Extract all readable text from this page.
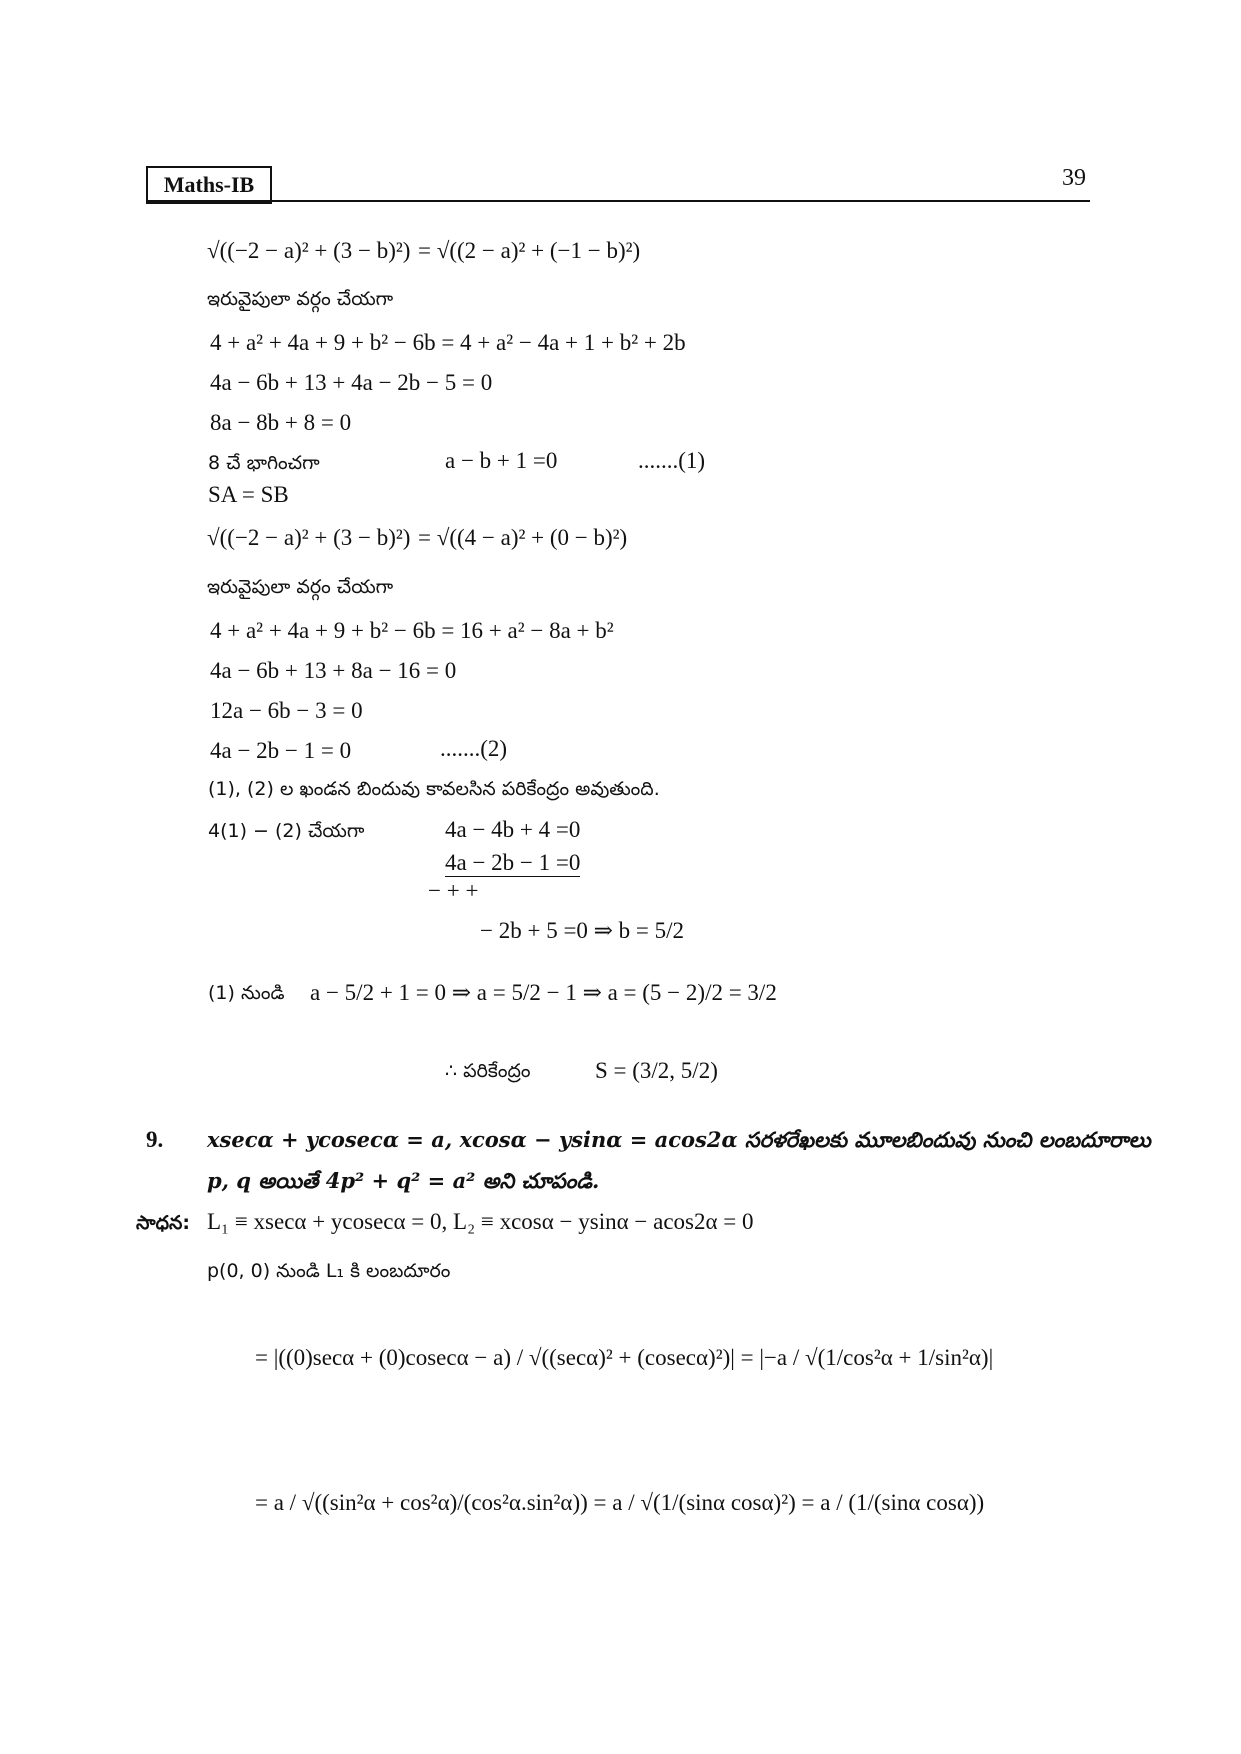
Maths-IB	39
√((−2 − a)² + (3 − b)²) = √((2 − a)² + (−1 − b)²)
ఇరువైపులా వర్గం చేయగా
4 + a² + 4a + 9 + b² − 6b = 4 + a² − 4a + 1 + b² + 2b
4a − 6b + 13 + 4a − 2b − 5 = 0
8a − 8b + 8 = 0
8 చే భాగించగా	a − b + 1 =0	.......(1)
SA = SB
√((−2 − a)² + (3 − b)²) = √((4 − a)² + (0 − b)²)
ఇరువైపులా వర్గం చేయగా
4 + a² + 4a + 9 + b² − 6b = 16 + a² − 8a + b²
4a − 6b + 13 + 8a − 16 = 0
12a − 6b − 3 = 0
4a − 2b − 1 = 0	.......(2)
(1), (2) ల ఖండన బిందువు కావలసిన పరికేంద్రం అవుతుంది.
4(1) − (2) చేయగా	4a − 4b + 4 =0
4a − 2b − 1 =0
− + +
− 2b + 5 =0 ⇒ b = 5/2
(1) నుండి a − 5/2 + 1 = 0 ⇒ a = 5/2 − 1 ⇒ a = (5 − 2)/2 = 3/2
∴ పరికేంద్రం	S = (3/2, 5/2)
9. xsecα + ycosecα = a, xcosα − ysinα = acos2α సరళరేఖలకు మూలబిందువు నుంచి లంబదూరాలు
p, q అయితే 4p² + q² = a² అని చూపండి.
సాధన: L₁ ≡ xsecα + ycosecα = 0, L₂ ≡ xcosα − ysinα − acos2α = 0
p(0, 0) నుండి L₁ కి లంబదూరం
= |((0)secα + (0)cosecα − a) / √((secα)² + (cosecα)²)| = |−a / √(1/cos²α + 1/sin²α)|
= a / √((sin²α + cos²α)/(cos²α.sin²α)) = a / √(1/(sinα cosα)²) = a / (1/(sinα cosα))
